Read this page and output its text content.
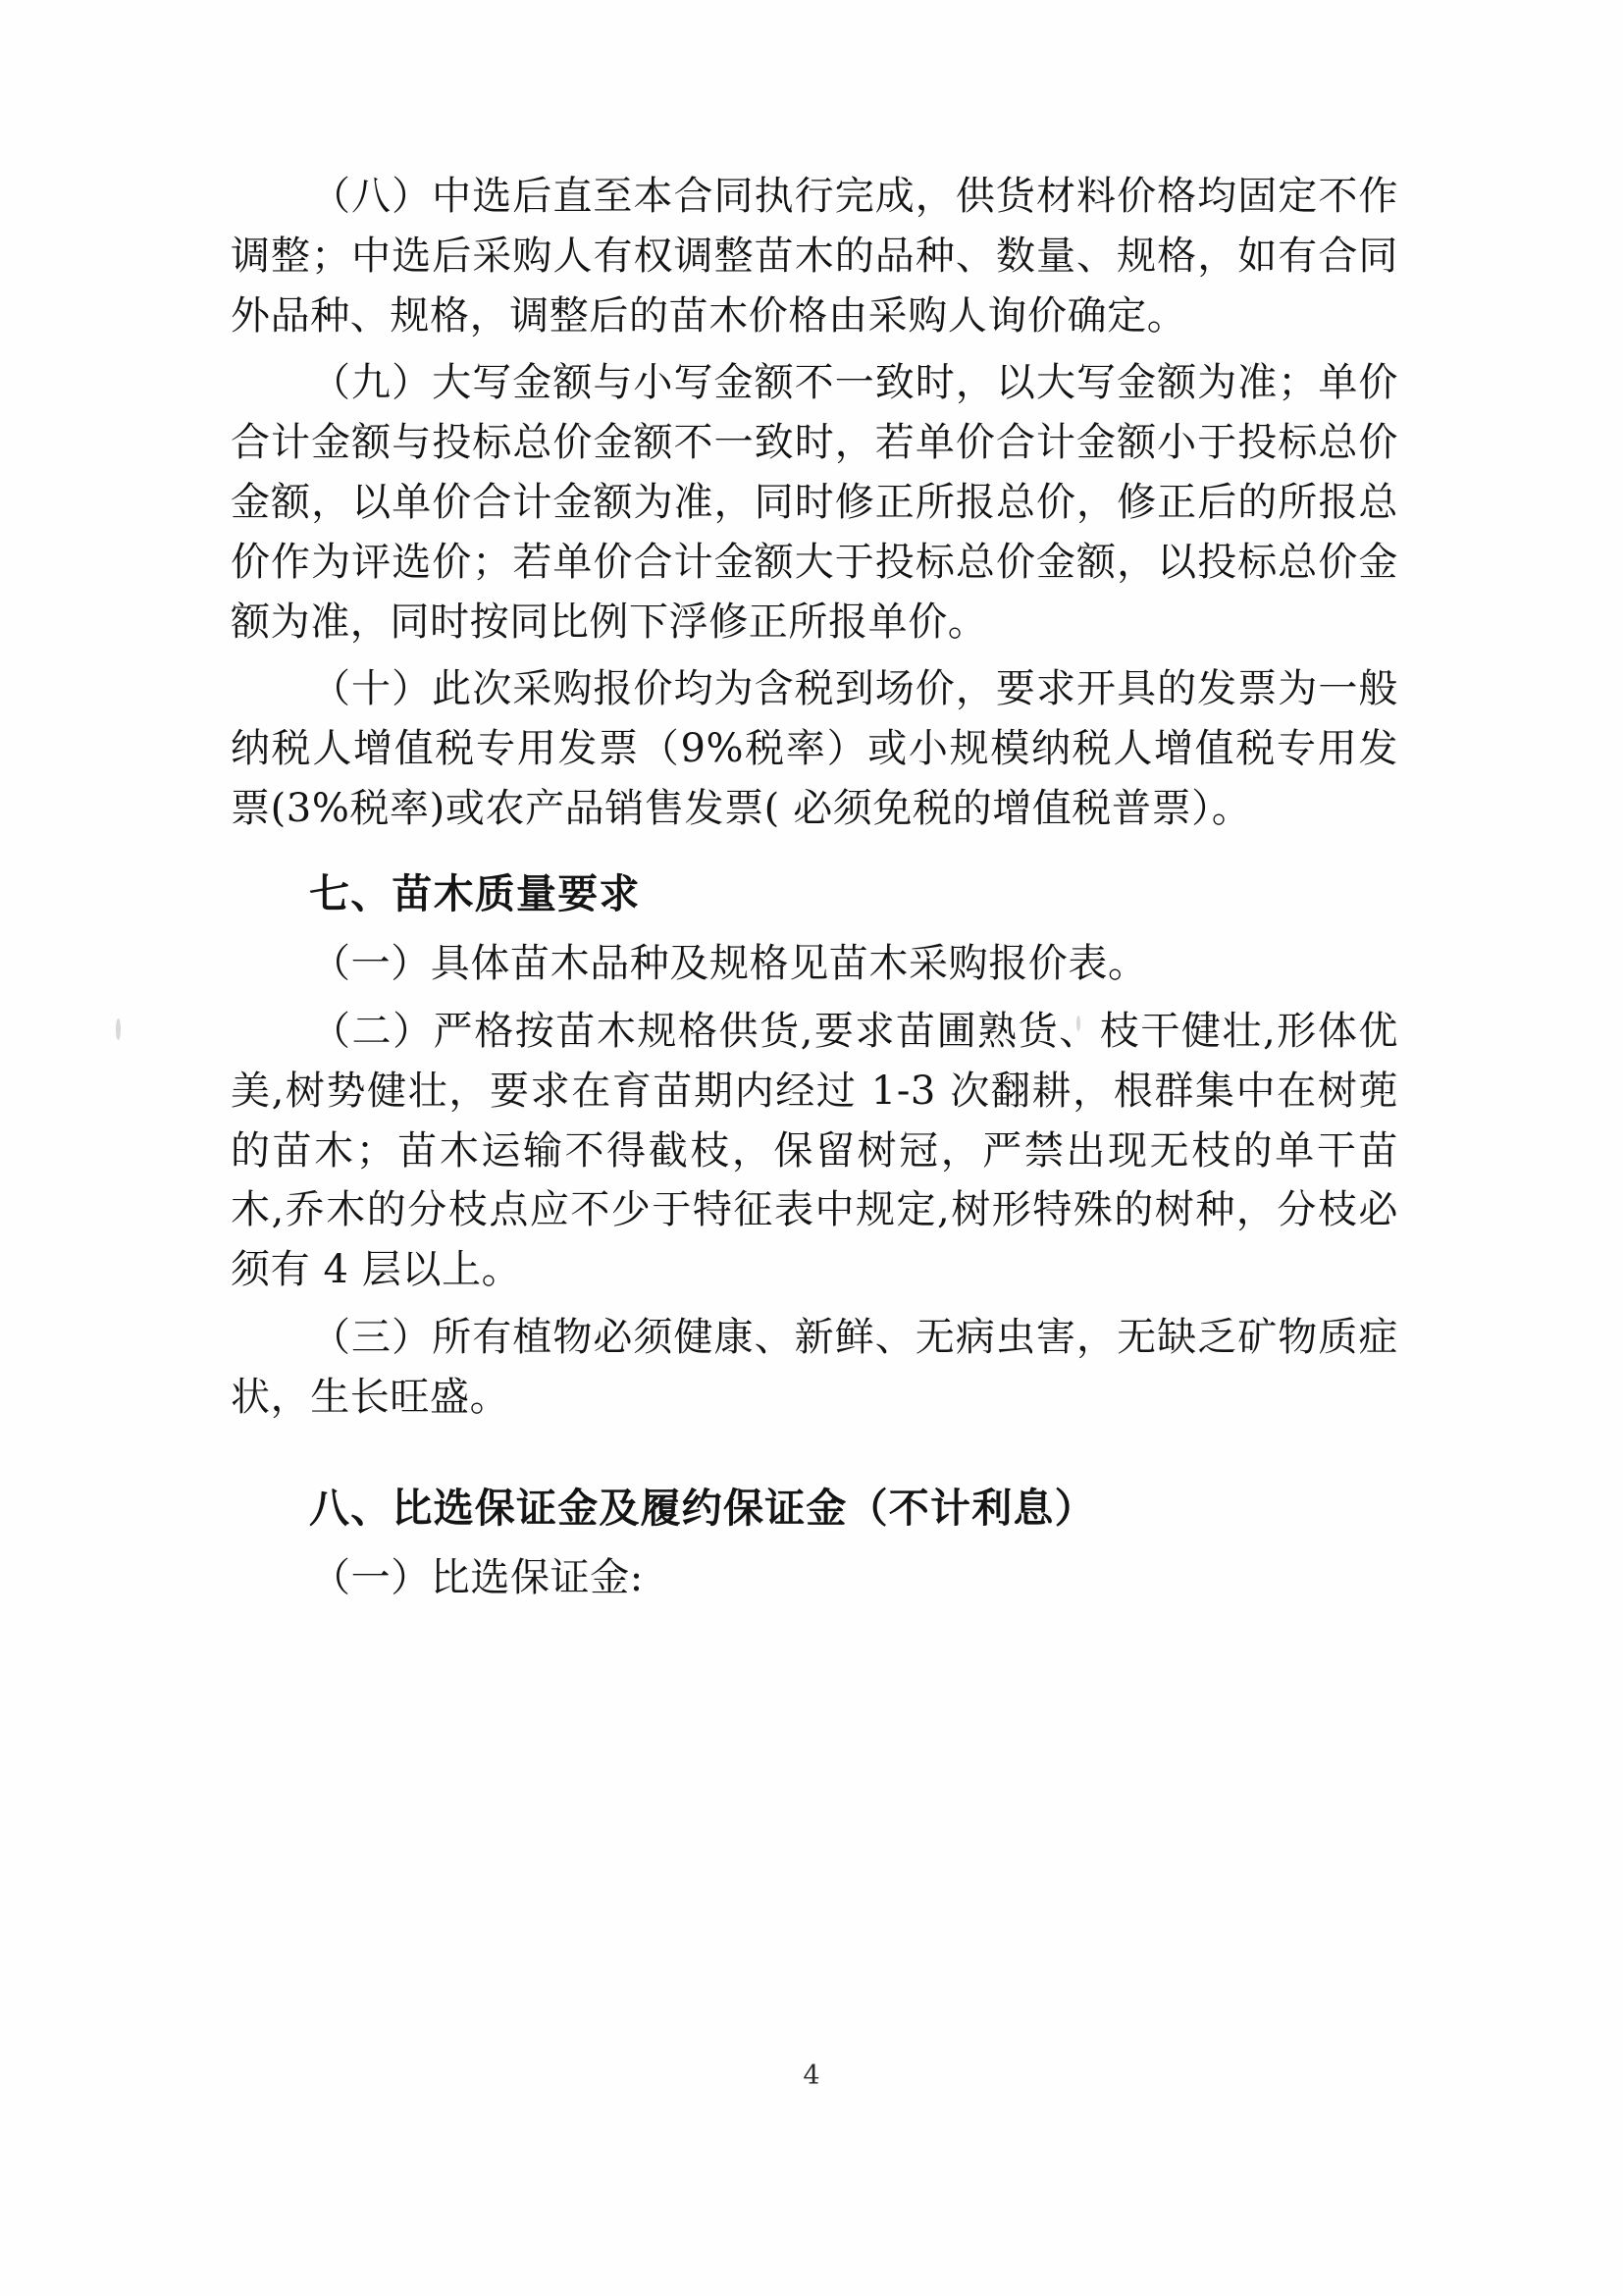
（八）中选后直至本合同执行完成，供货材料价格均固定不作调整；中选后采购人有权调整苗木的品种、数量、规格，如有合同外品种、规格，调整后的苗木价格由采购人询价确定。

（九）大写金额与小写金额不一致时，以大写金额为准；单价合计金额与投标总价金额不一致时，若单价合计金额小于投标总价金额，以单价合计金额为准，同时修正所报总价，修正后的所报总价作为评选价；若单价合计金额大于投标总价金额，以投标总价金额为准，同时按同比例下浮修正所报单价。

（十）此次采购报价均为含税到场价，要求开具的发票为一般纳税人增值税专用发票（9%税率）或小规模纳税人增值税专用发票(3%税率)或农产品销售发票( 必须免税的增值税普票）。

七、苗木质量要求

（一）具体苗木品种及规格见苗木采购报价表。

（二）严格按苗木规格供货,要求苗圃熟货、枝干健壮,形体优美,树势健壮，要求在育苗期内经过 1-3 次翻耕，根群集中在树蔸的苗木；苗木运输不得截枝，保留树冠，严禁出现无枝的单干苗木,乔木的分枝点应不少于特征表中规定,树形特殊的树种，分枝必须有 4 层以上。

（三）所有植物必须健康、新鲜、无病虫害，无缺乏矿物质症状，生长旺盛。

八、比选保证金及履约保证金（不计利息）

（一）比选保证金:

4
